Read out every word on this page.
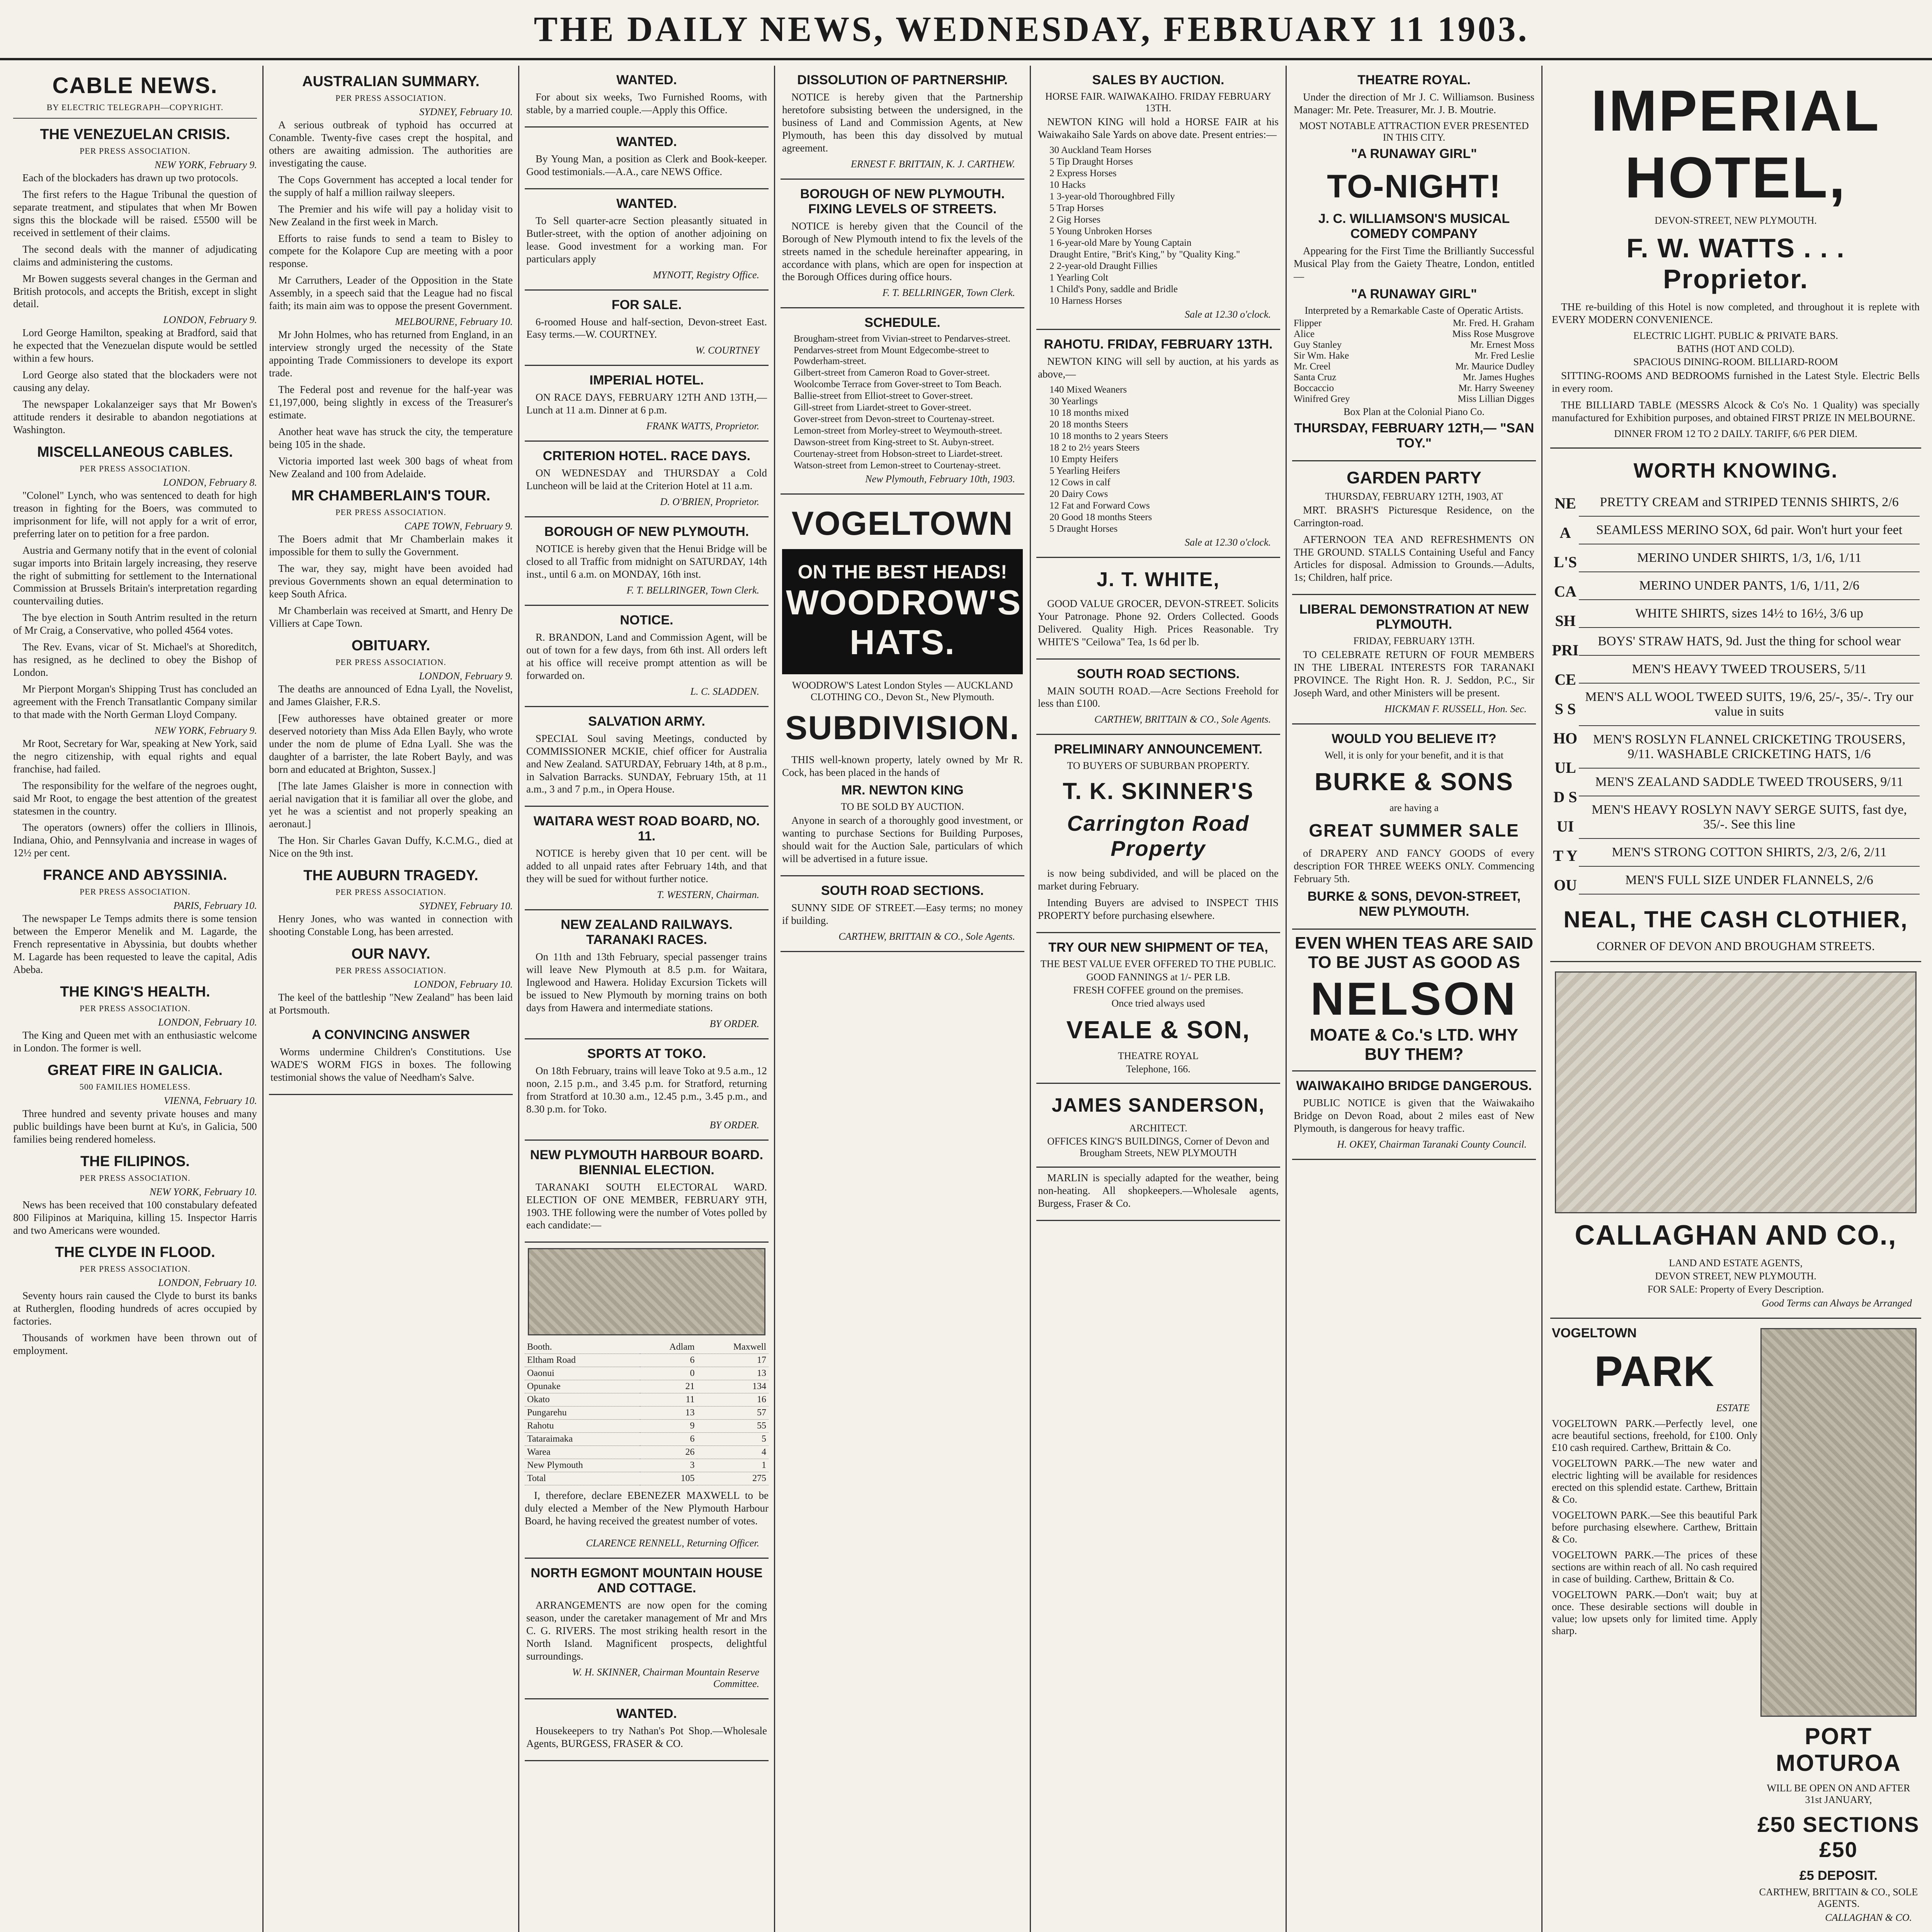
THE DAILY NEWS, WEDNESDAY, FEBRUARY 11 1903.
CABLE NEWS.
BY ELECTRIC TELEGRAPH—COPYRIGHT.
THE VENEZUELAN CRISIS.
PER PRESS ASSOCIATION.
NEW YORK, February 9.

Each of the blockaders has drawn up two protocols.

The first refers to the Hague Tribunal the question of separate treatment, and stipulates that when Mr Bowen signs this the blockade will be raised. £5500 will be received in settlement of their claims.

The second deals with the manner of adjudicating claims and administering the customs.

Mr Bowen suggests several changes in the German and British protocols, and accepts the British, except in slight detail.

LONDON, February 9.

Lord George Hamilton, speaking at Bradford, said that he expected that the Venezuelan dispute would be settled within a few hours.

Lord George also stated that the blockaders were not causing any delay.

The newspaper Lokalanzeiger says that Mr Bowen's attitude renders it desirable to abandon negotiations at Washington.

MISCELLANEOUS CABLES.
PER PRESS ASSOCIATION.
LONDON, February 8.

"Colonel" Lynch, who was sentenced to death for high treason in fighting for the Boers, was commuted to imprisonment for life, will not apply for a writ of error, preferring later on to petition for a free pardon.

Austria and Germany notify that in the event of colonial sugar imports into Britain largely increasing, they reserve the right of submitting for settlement to the International Commission at Brussels Britain's interpretation regarding countervailing duties.

The bye election in South Antrim resulted in the return of Mr Craig, a Conservative, who polled 4564 votes.

The Rev. Evans, vicar of St. Michael's at Shoreditch, has resigned, as he declined to obey the Bishop of London.

Mr Pierpont Morgan's Shipping Trust has concluded an agreement with the French Transatlantic Company similar to that made with the North German Lloyd Company.

NEW YORK, February 9.

Mr Root, Secretary for War, speaking at New York, said the negro citizenship, with equal rights and equal franchise, had failed.

The responsibility for the welfare of the negroes ought, said Mr Root, to engage the best attention of the greatest statesmen in the country.

The operators (owners) offer the colliers in Illinois, Indiana, Ohio, and Pennsylvania and increase in wages of 12½ per cent.

FRANCE AND ABYSSINIA.
PER PRESS ASSOCIATION.
PARIS, February 10.

The newspaper Le Temps admits there is some tension between the Emperor Menelik and M. Lagarde, the French representative in Abyssinia, but doubts whether M. Lagarde has been requested to leave the capital, Adis Abeba.

THE KING'S HEALTH.
PER PRESS ASSOCIATION.
LONDON, February 10.

The King and Queen met with an enthusiastic welcome in London. The former is well.

GREAT FIRE IN GALICIA.
500 FAMILIES HOMELESS.
VIENNA, February 10.

Three hundred and seventy private houses and many public buildings have been burnt at Ku's, in Galicia, 500 families being rendered homeless.

THE FILIPINOS.
PER PRESS ASSOCIATION.
NEW YORK, February 10.

News has been received that 100 constabulary defeated 800 Filipinos at Mariquina, killing 15. Inspector Harris and two Americans were wounded.

THE CLYDE IN FLOOD.
PER PRESS ASSOCIATION.
LONDON, February 10.

Seventy hours rain caused the Clyde to burst its banks at Rutherglen, flooding hundreds of acres occupied by factories.

Thousands of workmen have been thrown out of employment.

AUSTRALIAN SUMMARY.
PER PRESS ASSOCIATION.
SYDNEY, February 10.

A serious outbreak of typhoid has occurred at Conamble. Twenty-five cases crept the hospital, and others are awaiting admission. The authorities are investigating the cause.

The Cops Government has accepted a local tender for the supply of half a million railway sleepers.

The Premier and his wife will pay a holiday visit to New Zealand in the first week in March.

Efforts to raise funds to send a team to Bisley to compete for the Kolapore Cup are meeting with a poor response.

Mr Carruthers, Leader of the Opposition in the State Assembly, in a speech said that the League had no fiscal faith; its main aim was to oppose the present Government.

MELBOURNE, February 10.

Mr John Holmes, who has returned from England, in an interview strongly urged the necessity of the State appointing Trade Commissioners to develope its export trade.

The Federal post and revenue for the half-year was £1,197,000, being slightly in excess of the Treasurer's estimate.

Another heat wave has struck the city, the temperature being 105 in the shade.

Victoria imported last week 300 bags of wheat from New Zealand and 100 from Adelaide.

MR CHAMBERLAIN'S TOUR.
PER PRESS ASSOCIATION.
CAPE TOWN, February 9.

The Boers admit that Mr Chamberlain makes it impossible for them to sully the Government.

The war, they say, might have been avoided had previous Governments shown an equal determination to keep South Africa.

Mr Chamberlain was received at Smartt, and Henry De Villiers at Cape Town.

OBITUARY.
PER PRESS ASSOCIATION.
LONDON, February 9.

The deaths are announced of Edna Lyall, the Novelist, and James Glaisher, F.R.S.

[Few authoresses have obtained greater or more deserved notoriety than Miss Ada Ellen Bayly, who wrote under the nom de plume of Edna Lyall. She was the daughter of a barrister, the late Robert Bayly, and was born and educated at Brighton, Sussex.]

[The late James Glaisher is more in connection with aerial navigation that it is familiar all over the globe, and yet he was a scientist and not properly speaking an aeronaut.]

The Hon. Sir Charles Gavan Duffy, K.C.M.G., died at Nice on the 9th inst.

THE AUBURN TRAGEDY.
PER PRESS ASSOCIATION.
SYDNEY, February 10.

Henry Jones, who was wanted in connection with shooting Constable Long, has been arrested.

OUR NAVY.
PER PRESS ASSOCIATION.
LONDON, February 10.

The keel of the battleship "New Zealand" has been laid at Portsmouth.

A CONVINCING ANSWER

Worms undermine Children's Constitutions. Use WADE'S WORM FIGS in boxes. The following testimonial shows the value of Needham's Salve.

WANTED.

For about six weeks, Two Furnished Rooms, with stable, by a married couple.—Apply this Office.

WANTED.

By Young Man, a position as Clerk and Book-keeper. Good testimonials.—A.A., care NEWS Office.

WANTED.

To Sell quarter-acre Section pleasantly situated in Butler-street, with the option of another adjoining on lease. Good investment for a working man. For particulars apply

MYNOTT, Registry Office.
FOR SALE.

6-roomed House and half-section, Devon-street East. Easy terms.—W. COURTNEY.

W. COURTNEY
IMPERIAL HOTEL.

ON RACE DAYS, FEBRUARY 12TH AND 13TH,— Lunch at 11 a.m. Dinner at 6 p.m.

FRANK WATTS, Proprietor.
CRITERION HOTEL. RACE DAYS.

ON WEDNESDAY and THURSDAY a Cold Luncheon will be laid at the Criterion Hotel at 11 a.m.

D. O'BRIEN, Proprietor.
BOROUGH OF NEW PLYMOUTH.

NOTICE is hereby given that the Henui Bridge will be closed to all Traffic from midnight on SATURDAY, 14th inst., until 6 a.m. on MONDAY, 16th inst.

F. T. BELLRINGER, Town Clerk.
NOTICE.

R. BRANDON, Land and Commission Agent, will be out of town for a few days, from 6th inst. All orders left at his office will receive prompt attention as will be forwarded on.

L. C. SLADDEN.
SALVATION ARMY.

SPECIAL Soul saving Meetings, conducted by COMMISSIONER MCKIE, chief officer for Australia and New Zealand. SATURDAY, February 14th, at 8 p.m., in Salvation Barracks. SUNDAY, February 15th, at 11 a.m., 3 and 7 p.m., in Opera House.

WAITARA WEST ROAD BOARD, NO. 11.

NOTICE is hereby given that 10 per cent. will be added to all unpaid rates after February 14th, and that they will be sued for without further notice.

T. WESTERN, Chairman.
NEW ZEALAND RAILWAYS. TARANAKI RACES.

On 11th and 13th February, special passenger trains will leave New Plymouth at 8.5 p.m. for Waitara, Inglewood and Hawera. Holiday Excursion Tickets will be issued to New Plymouth by morning trains on both days from Hawera and intermediate stations.

BY ORDER.
SPORTS AT TOKO.

On 18th February, trains will leave Toko at 9.5 a.m., 12 noon, 2.15 p.m., and 3.45 p.m. for Stratford, returning from Stratford at 10.30 a.m., 12.45 p.m., 3.45 p.m., and 8.30 p.m. for Toko.

BY ORDER.
NEW PLYMOUTH HARBOUR BOARD. BIENNIAL ELECTION.

TARANAKI SOUTH ELECTORAL WARD. ELECTION OF ONE MEMBER, FEBRUARY 9TH, 1903. THE following were the number of Votes polled by each candidate:—

Booth.	Adlam	Maxwell
Eltham Road	6	17
Oaonui	0	13
Opunake	21	134
Okato	11	16
Pungarehu	13	57
Rahotu	9	55
Tataraimaka	6	5
Warea	26	4
New Plymouth	3	1
Total	105	275

I, therefore, declare EBENEZER MAXWELL to be duly elected a Member of the New Plymouth Harbour Board, he having received the greatest number of votes.

CLARENCE RENNELL, Returning Officer.
NORTH EGMONT MOUNTAIN HOUSE AND COTTAGE.

ARRANGEMENTS are now open for the coming season, under the caretaker management of Mr and Mrs C. G. RIVERS. The most striking health resort in the North Island. Magnificent prospects, delightful surroundings.

W. H. SKINNER, Chairman Mountain Reserve Committee.
WANTED.

Housekeepers to try Nathan's Pot Shop.—Wholesale Agents, BURGESS, FRASER & CO.

DISSOLUTION OF PARTNERSHIP.

NOTICE is hereby given that the Partnership heretofore subsisting between the undersigned, in the business of Land and Commission Agents, at New Plymouth, has been this day dissolved by mutual agreement.

ERNEST F. BRITTAIN, K. J. CARTHEW.
BOROUGH OF NEW PLYMOUTH. FIXING LEVELS OF STREETS.

NOTICE is hereby given that the Council of the Borough of New Plymouth intend to fix the levels of the streets named in the schedule hereinafter appearing, in accordance with plans, which are open for inspection at the Borough Offices during office hours.

F. T. BELLRINGER, Town Clerk.
SCHEDULE.
Brougham-street from Vivian-street to Pendarves-street.
Pendarves-street from Mount Edgecombe-street to Powderham-street.
Gilbert-street from Cameron Road to Gover-street.
Woolcombe Terrace from Gover-street to Tom Beach.
Ballie-street from Elliot-street to Gover-street.
Gill-street from Liardet-street to Gover-street.
Gover-street from Devon-street to Courtenay-street.
Lemon-street from Morley-street to Weymouth-street.
Dawson-street from King-street to St. Aubyn-street.
Courtenay-street from Hobson-street to Liardet-street.
Watson-street from Lemon-street to Courtenay-street.
New Plymouth, February 10th, 1903.
VOGELTOWN
ON THE BEST HEADS!
WOODROW'S HATS.
WOODROW'S Latest London Styles — AUCKLAND CLOTHING CO., Devon St., New Plymouth.
SUBDIVISION.

THIS well-known property, lately owned by Mr R. Cock, has been placed in the hands of

MR. NEWTON KING
TO BE SOLD BY AUCTION.

Anyone in search of a thoroughly good investment, or wanting to purchase Sections for Building Purposes, should wait for the Auction Sale, particulars of which will be advertised in a future issue.

SOUTH ROAD SECTIONS.

SUNNY SIDE OF STREET.—Easy terms; no money if building.

CARTHEW, BRITTAIN & CO., Sole Agents.
SALES BY AUCTION.
HORSE FAIR. WAIWAKAIHO. FRIDAY FEBRUARY 13TH.

NEWTON KING will hold a HORSE FAIR at his Waiwakaiho Sale Yards on above date. Present entries:—

30 Auckland Team Horses
5 Tip Draught Horses
2 Express Horses
10 Hacks
1 3-year-old Thoroughbred Filly
5 Trap Horses
2 Gig Horses
5 Young Unbroken Horses
1 6-year-old Mare by Young Captain
Draught Entire, "Brit's King," by "Quality King."
2 2-year-old Draught Fillies
1 Yearling Colt
1 Child's Pony, saddle and Bridle
10 Harness Horses
Sale at 12.30 o'clock.
RAHOTU. FRIDAY, FEBRUARY 13TH.

NEWTON KING will sell by auction, at his yards as above,—

140 Mixed Weaners
30 Yearlings
10 18 months mixed
20 18 months Steers
10 18 months to 2 years Steers
18 2 to 2½ years Steers
10 Empty Heifers
5 Yearling Heifers
12 Cows in calf
20 Dairy Cows
12 Fat and Forward Cows
20 Good 18 months Steers
5 Draught Horses
Sale at 12.30 o'clock.
J. T. WHITE,

GOOD VALUE GROCER, DEVON-STREET. Solicits Your Patronage. Phone 92. Orders Collected. Goods Delivered. Quality High. Prices Reasonable. Try WHITE'S "Ceilowa" Tea, 1s 6d per lb.

SOUTH ROAD SECTIONS.

MAIN SOUTH ROAD.—Acre Sections Freehold for less than £100.

CARTHEW, BRITTAIN & CO., Sole Agents.
PRELIMINARY ANNOUNCEMENT.
TO BUYERS OF SUBURBAN PROPERTY.
T. K. SKINNER'S
Carrington Road Property

is now being subdivided, and will be placed on the market during February.

Intending Buyers are advised to INSPECT THIS PROPERTY before purchasing elsewhere.

TRY OUR NEW SHIPMENT OF TEA,
THE BEST VALUE EVER OFFERED TO THE PUBLIC.
GOOD FANNINGS at 1/- PER LB.
FRESH COFFEE ground on the premises.
Once tried always used
VEALE & SON,
THEATRE ROYAL
Telephone, 166.
JAMES SANDERSON,
ARCHITECT.
OFFICES KING'S BUILDINGS, Corner of Devon and Brougham Streets, NEW PLYMOUTH

MARLIN is specially adapted for the weather, being non-heating. All shopkeepers.—Wholesale agents, Burgess, Fraser & Co.

THEATRE ROYAL.

Under the direction of Mr J. C. Williamson. Business Manager: Mr. Pete. Treasurer, Mr. J. B. Moutrie.

MOST NOTABLE ATTRACTION EVER PRESENTED IN THIS CITY.
"A RUNAWAY GIRL"
TO-NIGHT!
J. C. WILLIAMSON'S MUSICAL COMEDY COMPANY

Appearing for the First Time the Brilliantly Successful Musical Play from the Gaiety Theatre, London, entitled—

"A RUNAWAY GIRL"
Interpreted by a Remarkable Caste of Operatic Artists.
Flipper	Mr. Fred. H. Graham
Alice	Miss Rose Musgrove
Guy Stanley	Mr. Ernest Moss
Sir Wm. Hake	Mr. Fred Leslie
Mr. Creel	Mr. Maurice Dudley
Santa Cruz	Mr. James Hughes
Boccaccio	Mr. Harry Sweeney
Winifred Grey	Miss Lillian Digges
Box Plan at the Colonial Piano Co.
THURSDAY, FEBRUARY 12TH,— "SAN TOY."
GARDEN PARTY
THURSDAY, FEBRUARY 12TH, 1903, AT

MRT. BRASH'S Picturesque Residence, on the Carrington-road.

AFTERNOON TEA AND REFRESHMENTS ON THE GROUND. STALLS Containing Useful and Fancy Articles for disposal. Admission to Grounds.—Adults, 1s; Children, half price.

LIBERAL DEMONSTRATION AT NEW PLYMOUTH.
FRIDAY, FEBRUARY 13TH.

TO CELEBRATE RETURN OF FOUR MEMBERS IN THE LIBERAL INTERESTS FOR TARANAKI PROVINCE. The Right Hon. R. J. Seddon, P.C., Sir Joseph Ward, and other Ministers will be present.

HICKMAN F. RUSSELL, Hon. Sec.
WOULD YOU BELIEVE IT?
Well, it is only for your benefit, and it is that
BURKE & SONS
are having a
GREAT SUMMER SALE

of DRAPERY AND FANCY GOODS of every description FOR THREE WEEKS ONLY. Commencing February 5th.

BURKE & SONS, DEVON-STREET, NEW PLYMOUTH.
EVEN WHEN TEAS ARE SAID TO BE JUST AS GOOD AS
NELSON
MOATE & Co.'s LTD. WHY BUY THEM?
WAIWAKAIHO BRIDGE DANGEROUS.

PUBLIC NOTICE is given that the Waiwakaiho Bridge on Devon Road, about 2 miles east of New Plymouth, is dangerous for heavy traffic.

H. OKEY, Chairman Taranaki County Council.
IMPERIAL HOTEL,
DEVON-STREET, NEW PLYMOUTH.
F. W. WATTS . . . Proprietor.

THE re-building of this Hotel is now completed, and throughout it is replete with EVERY MODERN CONVENIENCE.

ELECTRIC LIGHT. PUBLIC & PRIVATE BARS.
BATHS (HOT AND COLD).
SPACIOUS DINING-ROOM. BILLIARD-ROOM

SITTING-ROOMS AND BEDROOMS furnished in the Latest Style. Electric Bells in every room.

THE BILLIARD TABLE (MESSRS Alcock & Co's No. 1 Quality) was specially manufactured for Exhibition purposes, and obtained FIRST PRIZE IN MELBOURNE.

DINNER FROM 12 TO 2 DAILY. TARIFF, 6/6 PER DIEM.
WORTH KNOWING.
NEAL'S CASH PRICES SHOULD SUIT YOU
PRETTY CREAM and STRIPED TENNIS SHIRTS, 2/6
SEAMLESS MERINO SOX, 6d pair. Won't hurt your feet
MERINO UNDER SHIRTS, 1/3, 1/6, 1/11
MERINO UNDER PANTS, 1/6, 1/11, 2/6
WHITE SHIRTS, sizes 14½ to 16½, 3/6 up
BOYS' STRAW HATS, 9d. Just the thing for school wear
MEN'S HEAVY TWEED TROUSERS, 5/11
MEN'S ALL WOOL TWEED SUITS, 19/6, 25/-, 35/-. Try our value in suits
MEN'S ROSLYN FLANNEL CRICKETING TROUSERS, 9/11. WASHABLE CRICKETING HATS, 1/6
MEN'S ZEALAND SADDLE TWEED TROUSERS, 9/11
MEN'S HEAVY ROSLYN NAVY SERGE SUITS, fast dye, 35/-. See this line
MEN'S STRONG COTTON SHIRTS, 2/3, 2/6, 2/11
MEN'S FULL SIZE UNDER FLANNELS, 2/6
NEAL, THE CASH CLOTHIER,
CORNER OF DEVON AND BROUGHAM STREETS.
CALLAGHAN AND CO.,
LAND AND ESTATE AGENTS,
DEVON STREET, NEW PLYMOUTH.
FOR SALE: Property of Every Description.
Good Terms can Always be Arranged
VOGELTOWN
PARK
ESTATE
VOGELTOWN PARK.—Perfectly level, one acre beautiful sections, freehold, for £100. Only £10 cash required. Carthew, Brittain & Co.
VOGELTOWN PARK.—The new water and electric lighting will be available for residences erected on this splendid estate. Carthew, Brittain & Co.
VOGELTOWN PARK.—See this beautiful Park before purchasing elsewhere. Carthew, Brittain & Co.
VOGELTOWN PARK.—The prices of these sections are within reach of all. No cash required in case of building. Carthew, Brittain & Co.
VOGELTOWN PARK.—Don't wait; buy at once. These desirable sections will double in value; low upsets only for limited time. Apply sharp.
PORT MOTUROA
WILL BE OPEN ON AND AFTER 31st JANUARY,
£50 SECTIONS £50
£5 DEPOSIT.
CARTHEW, BRITTAIN & CO., SOLE AGENTS.
CALLAGHAN & CO.
